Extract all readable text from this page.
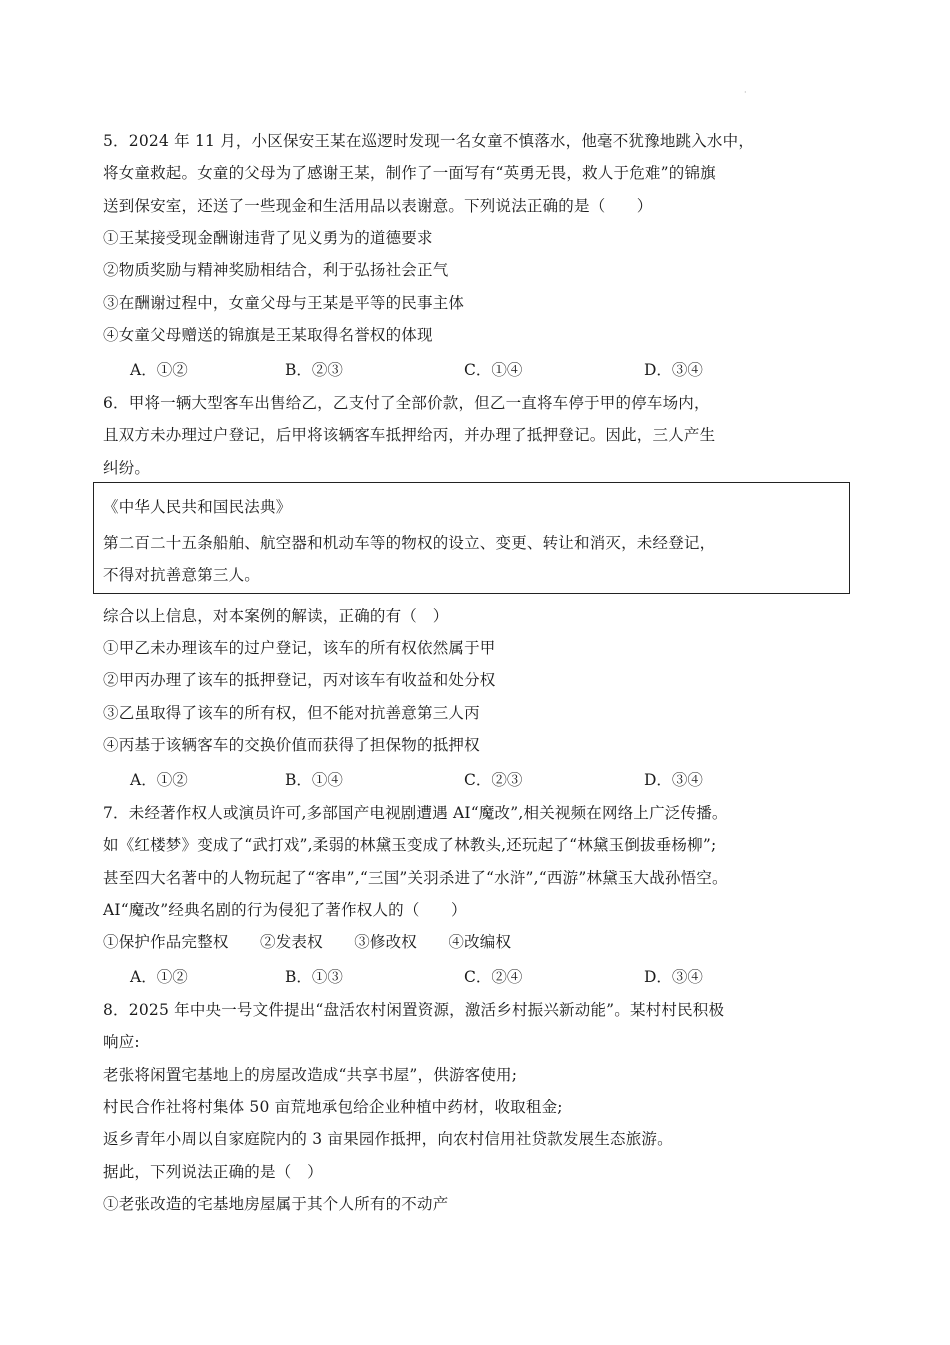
·
5．2024 年 11 月，小区保安王某在巡逻时发现一名女童不慎落水，他毫不犹豫地跳入水中，
将女童救起。女童的父母为了感谢王某，制作了一面写有“英勇无畏，救人于危难”的锦旗
送到保安室，还送了一些现金和生活用品以表谢意。下列说法正确的是（　　）
①王某接受现金酬谢违背了见义勇为的道德要求
②物质奖励与精神奖励相结合，利于弘扬社会正气
③在酬谢过程中，女童父母与王某是平等的民事主体
④女童父母赠送的锦旗是王某取得名誉权的体现
A．①②	B．②③	C．①④	D．③④
6．甲将一辆大型客车出售给乙，乙支付了全部价款，但乙一直将车停于甲的停车场内，
且双方未办理过户登记，后甲将该辆客车抵押给丙，并办理了抵押登记。因此，三人产生
纠纷。
《中华人民共和国民法典》
第二百二十五条船舶、航空器和机动车等的物权的设立、变更、转让和消灭，未经登记，
不得对抗善意第三人。
综合以上信息，对本案例的解读，正确的有（　）
①甲乙未办理该车的过户登记，该车的所有权依然属于甲
②甲丙办理了该车的抵押登记，丙对该车有收益和处分权
③乙虽取得了该车的所有权，但不能对抗善意第三人丙
④丙基于该辆客车的交换价值而获得了担保物的抵押权
A．①②	B．①④	C．②③	D．③④
7．未经著作权人或演员许可,多部国产电视剧遭遇 AI“魔改”,相关视频在网络上广泛传播。
如《红楼梦》变成了“武打戏”,柔弱的林黛玉变成了林教头,还玩起了“林黛玉倒拔垂杨柳”;
甚至四大名著中的人物玩起了“客串”,“三国”关羽杀进了“水浒”,“西游”林黛玉大战孙悟空。
AI“魔改”经典名剧的行为侵犯了著作权人的（　　）
①保护作品完整权　　②发表权　　③修改权　　④改编权
A．①②	B．①③	C．②④	D．③④
8．2025 年中央一号文件提出“盘活农村闲置资源，激活乡村振兴新动能”。某村村民积极
响应:
老张将闲置宅基地上的房屋改造成“共享书屋”，供游客使用;
村民合作社将村集体 50 亩荒地承包给企业种植中药材，收取租金;
返乡青年小周以自家庭院内的 3 亩果园作抵押，向农村信用社贷款发展生态旅游。
据此，下列说法正确的是（　）
①老张改造的宅基地房屋属于其个人所有的不动产
